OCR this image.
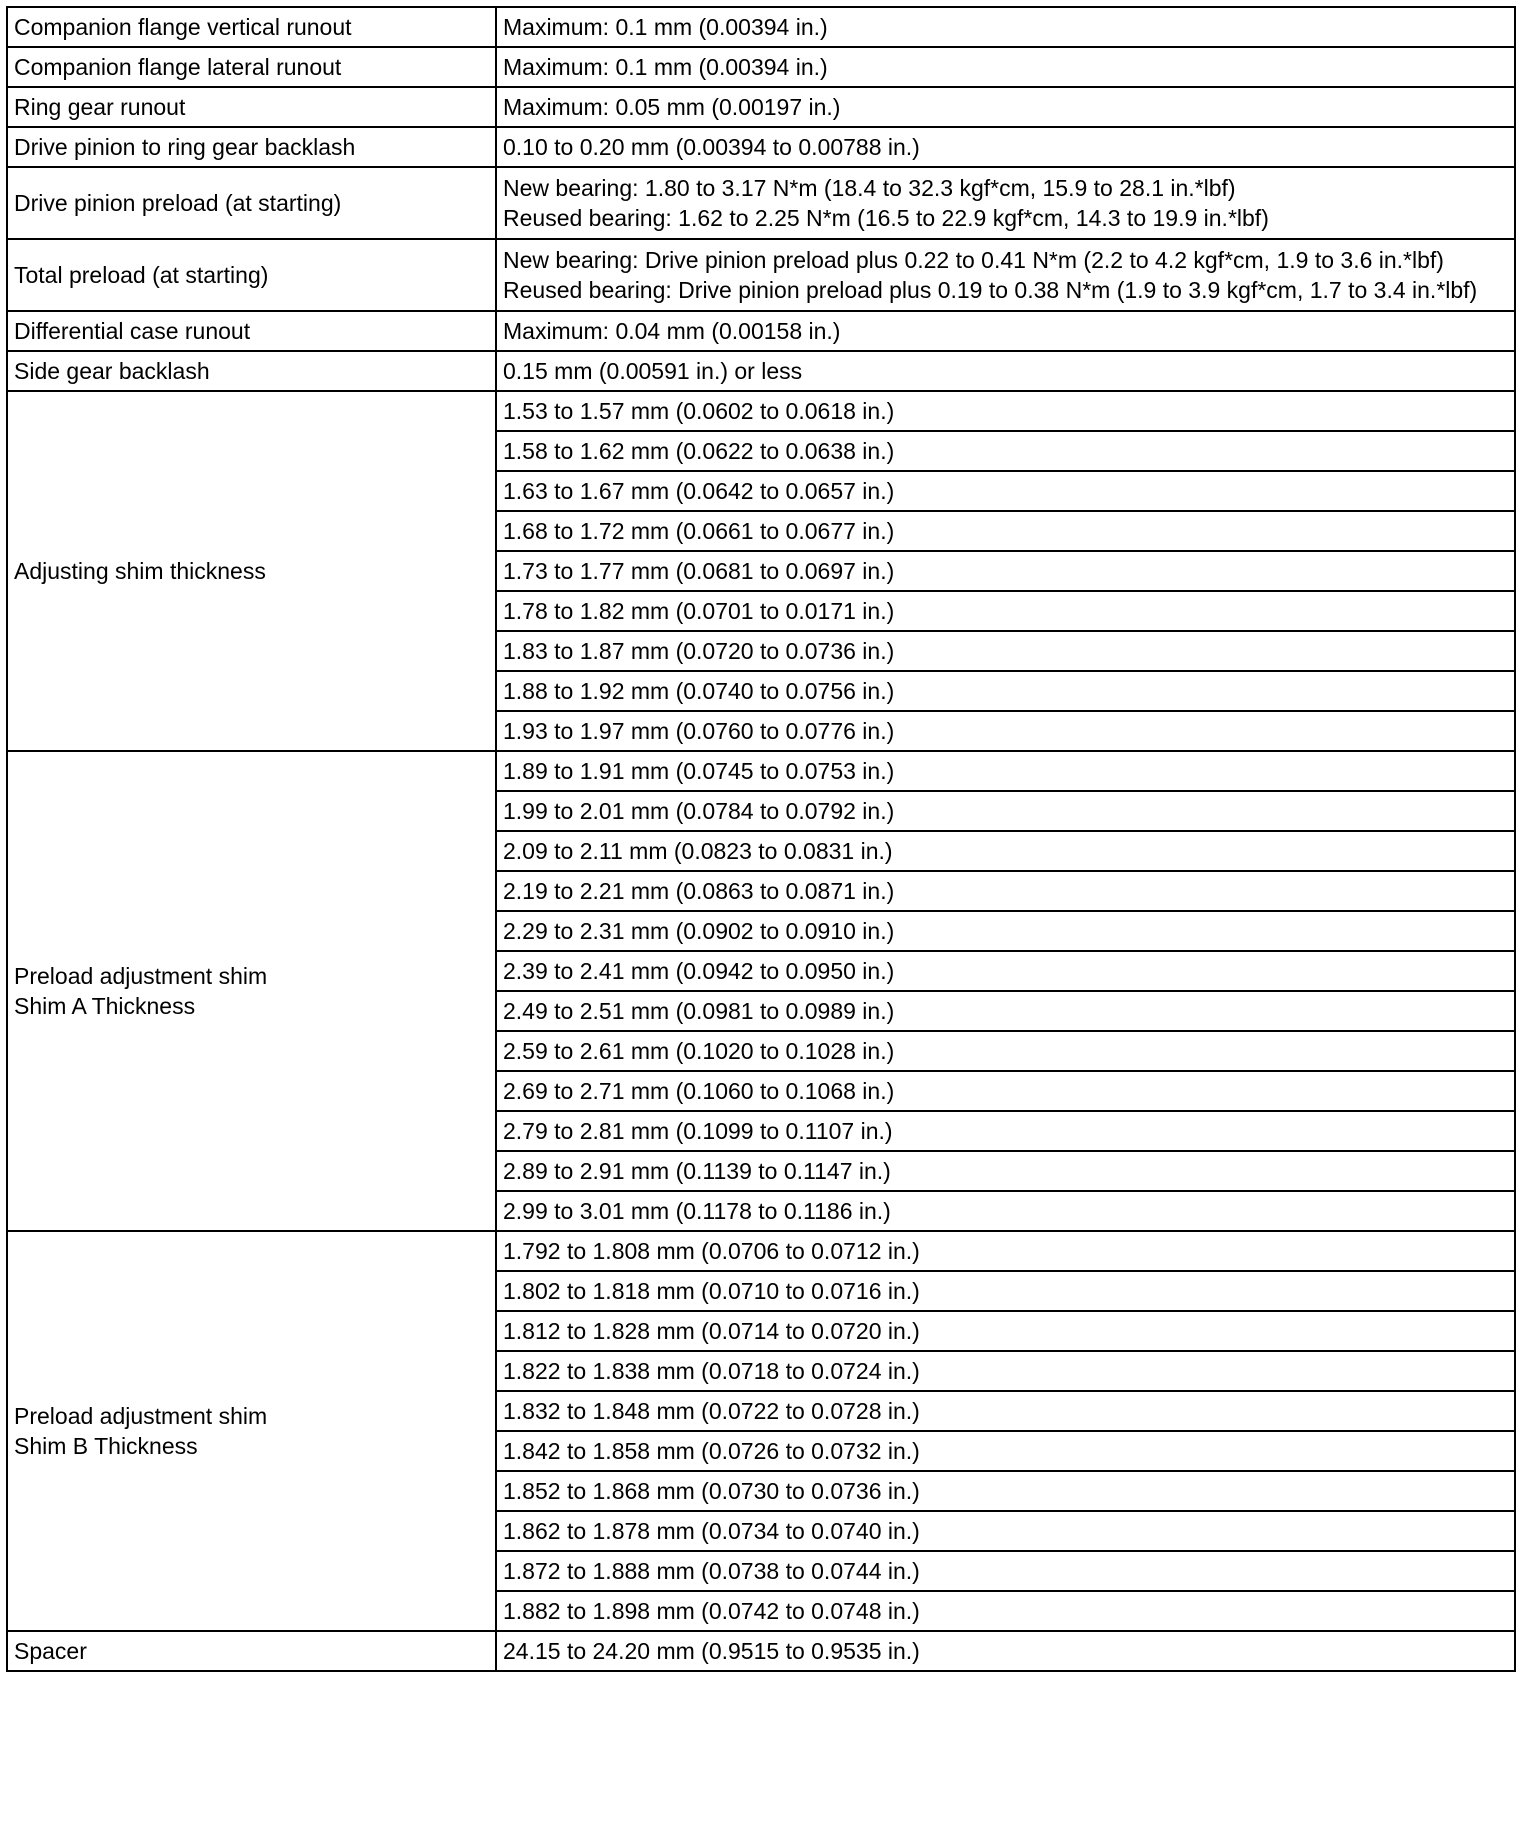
Companion flange vertical runout	Maximum: 0.1 mm (0.00394 in.)
Companion flange lateral runout	Maximum: 0.1 mm (0.00394 in.)
Ring gear runout	Maximum: 0.05 mm (0.00197 in.)
Drive pinion to ring gear backlash	0.10 to 0.20 mm (0.00394 to 0.00788 in.)
Drive pinion preload (at starting)	New bearing: 1.80 to 3.17 N*m (18.4 to 32.3 kgf*cm, 15.9 to 28.1 in.*lbf)
Reused bearing: 1.62 to 2.25 N*m (16.5 to 22.9 kgf*cm, 14.3 to 19.9 in.*lbf)

Total preload (at starting)	New bearing: Drive pinion preload plus 0.22 to 0.41 N*m (2.2 to 4.2 kgf*cm, 1.9 to 3.6 in.*lbf)
Reused bearing: Drive pinion preload plus 0.19 to 0.38 N*m (1.9 to 3.9 kgf*cm, 1.7 to 3.4 in.*lbf)

Differential case runout	Maximum: 0.04 mm (0.00158 in.)
Side gear backlash	0.15 mm (0.00591 in.) or less
Adjusting shim thickness	1.53 to 1.57 mm (0.0602 to 0.0618 in.)
	1.58 to 1.62 mm (0.0622 to 0.0638 in.)
	1.63 to 1.67 mm (0.0642 to 0.0657 in.)
	1.68 to 1.72 mm (0.0661 to 0.0677 in.)
	1.73 to 1.77 mm (0.0681 to 0.0697 in.)
	1.78 to 1.82 mm (0.0701 to 0.0171 in.)
	1.83 to 1.87 mm (0.0720 to 0.0736 in.)
	1.88 to 1.92 mm (0.0740 to 0.0756 in.)
	1.93 to 1.97 mm (0.0760 to 0.0776 in.)

Preload adjustment shim
Shim A Thickness	1.89 to 1.91 mm (0.0745 to 0.0753 in.)
	1.99 to 2.01 mm (0.0784 to 0.0792 in.)
	2.09 to 2.11 mm (0.0823 to 0.0831 in.)
	2.19 to 2.21 mm (0.0863 to 0.0871 in.)
	2.29 to 2.31 mm (0.0902 to 0.0910 in.)
	2.39 to 2.41 mm (0.0942 to 0.0950 in.)
	2.49 to 2.51 mm (0.0981 to 0.0989 in.)
	2.59 to 2.61 mm (0.1020 to 0.1028 in.)
	2.69 to 2.71 mm (0.1060 to 0.1068 in.)
	2.79 to 2.81 mm (0.1099 to 0.1107 in.)
	2.89 to 2.91 mm (0.1139 to 0.1147 in.)
	2.99 to 3.01 mm (0.1178 to 0.1186 in.)

Preload adjustment shim
Shim B Thickness	1.792 to 1.808 mm (0.0706 to 0.0712 in.)
	1.802 to 1.818 mm (0.0710 to 0.0716 in.)
	1.812 to 1.828 mm (0.0714 to 0.0720 in.)
	1.822 to 1.838 mm (0.0718 to 0.0724 in.)
	1.832 to 1.848 mm (0.0722 to 0.0728 in.)
	1.842 to 1.858 mm (0.0726 to 0.0732 in.)
	1.852 to 1.868 mm (0.0730 to 0.0736 in.)
	1.862 to 1.878 mm (0.0734 to 0.0740 in.)
	1.872 to 1.888 mm (0.0738 to 0.0744 in.)
	1.882 to 1.898 mm (0.0742 to 0.0748 in.)
Spacer	24.15 to 24.20 mm (0.9515 to 0.9535 in.)
